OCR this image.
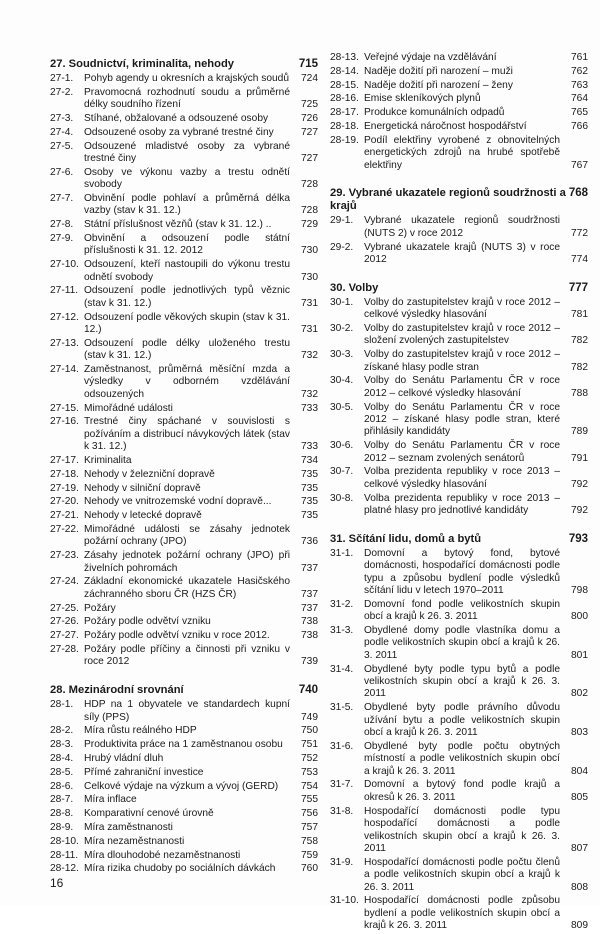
27. Soudnictví, kriminalita, nehody	715
27-1.	Pohyb agendy u okresních a krajských soudů 724
27-2.	Pravomocná rozhodnutí soudu a průměrné délky soudního řízení	725
27-3.	Stíhané, obžalované a odsouzené osoby	726
27-4.	Odsouzené osoby za vybrané trestné činy	727
27-5.	Odsouzené mladistvé osoby za vybrané trestné činy	727
27-6.	Osoby ve výkonu vazby a trestu odnětí svobody	728
27-7.	Obvinění podle pohlaví a průměrná délka vazby (stav k 31. 12.)	728
27-8.	Státní příslušnost vězňů (stav k 31. 12.) ..	729
27-9.	Obvinění a odsouzení podle státní příslušnosti k 31. 12. 2012	730
27-10. Odsouzení, kteří nastoupili do výkonu trestu odnětí svobody	730
27-11. Odsouzení podle jednotlivých typů věznic (stav k 31. 12.)	731
27-12. Odsouzení podle věkových skupin (stav k 31. 12.)	731
27-13. Odsouzení podle délky uloženého trestu (stav k 31. 12.)	732
27-14. Zaměstnanost, průměrná měsíční mzda a výsledky v odborném vzdělávání odsouzených	732
27-15. Mimořádné události	733
27-16. Trestné činy spáchané v souvislosti s požíváním a distribucí návykových látek (stav k 31. 12.)	733
27-17. Kriminalita	734
27-18. Nehody v železniční dopravě	735
27-19. Nehody v silniční dopravě	735
27-20. Nehody ve vnitrozemské vodní dopravě...	735
27-21. Nehody v letecké dopravě	735
27-22. Mimořádné události se zásahy jednotek požární ochrany (JPO)	736
27-23. Zásahy jednotek požární ochrany (JPO) při živelních pohromách	737
27-24. Základní ekonomické ukazatele Hasičského záchranného sboru ČR (HZS ČR)	737
27-25. Požáry	737
27-26. Požáry podle odvětví vzniku	738
27-27. Požáry podle odvětví vzniku v roce 2012.	738
27-28. Požáry podle příčiny a činnosti při vzniku v roce 2012	739
28. Mezinárodní srovnání	740
28-1.	HDP na 1 obyvatele ve standardech kupní síly (PPS)	749
28-2.	Míra růstu reálného HDP	750
28-3.	Produktivita práce na 1 zaměstnanou osobu 751
28-4.	Hrubý vládní dluh	752
28-5.	Přímé zahraniční investice	753
28-6.	Celkové výdaje na výzkum a vývoj (GERD) 754
28-7.	Míra inflace	755
28-8.	Komparativní cenové úrovně	756
28-9.	Míra zaměstnanosti	757
28-10. Míra nezaměstnanosti	758
28-11. Míra dlouhodobé nezaměstnanosti	759
28-12. Míra rizika chudoby po sociálních dávkách	760
28-13. Veřejné výdaje na vzdělávání	761
28-14. Naděje dožití při narození – muži	762
28-15. Naděje dožití při narození – ženy	763
28-16. Emise skleníkových plynů	764
28-17. Produkce komunálních odpadů	765
28-18. Energetická náročnost hospodářství	766
28-19. Podíl elektřiny vyrobené z obnovitelných energetických zdrojů na hrubé spotřebě elektřiny	767
29. Vybrané ukazatele regionů soudržnosti a krajů
768
29-1.	Vybrané ukazatele regionů soudržnosti (NUTS 2) v roce 2012	772
29-2.	Vybrané ukazatele krajů (NUTS 3) v roce 2012	774
30. Volby	777
30-1.	Volby do zastupitelstev krajů v roce 2012 – celkové výsledky hlasování	781
30-2.	Volby do zastupitelstev krajů v roce 2012 – složení zvolených zastupitelstev	782
30-3.	Volby do zastupitelstev krajů v roce 2012 – získané hlasy podle stran	782
30-4.	Volby do Senátu Parlamentu ČR v roce 2012 – celkové výsledky hlasování	788
30-5.	Volby do Senátu Parlamentu ČR v roce 2012 – získané hlasy podle stran, které přihlásily kandidáty	789
30-6.	Volby do Senátu Parlamentu ČR v roce 2012 – seznam zvolených senátorů	791
30-7.	Volba prezidenta republiky v roce 2013 – celkové výsledky hlasování	792
30-8.	Volba prezidenta republiky v roce 2013 – platné hlasy pro jednotlivé kandidáty	792
31. Sčítání lidu, domů a bytů	793
31-1.	Domovní a bytový fond, bytové domácnosti, hospodařící domácnosti podle typu a způsobu bydlení podle výsledků sčítání lidu v letech 1970–2011	798
31-2.	Domovní fond podle velikostních skupin obcí a krajů k 26. 3. 2011	800
31-3.	Obydlené domy podle vlastníka domu a podle velikostních skupin obcí a krajů k 26. 3. 2011	801
31-4.	Obydlené byty podle typu bytů a podle velikostních skupin obcí a krajů k 26. 3. 2011	802
31-5.	Obydlené byty podle právního důvodu užívání bytu a podle velikostních skupin obcí a krajů k 26. 3. 2011	803
31-6.	Obydlené byty podle počtu obytných místností a podle velikostních skupin obcí a krajů k 26. 3. 2011	804
31-7.	Domovní a bytový fond podle krajů a okresů k 26. 3. 2011	805
31-8.	Hospodařící domácnosti podle typu hospodařící domácnosti a podle velikostních skupin obcí a krajů k 26. 3. 2011	807
31-9.	Hospodařící domácnosti podle počtu členů a podle velikostních skupin obcí a krajů k 26. 3. 2011	808
31-10. Hospodařící domácnosti podle způsobu bydlení a podle velikostních skupin obcí a krajů k 26. 3. 2011	809
16
